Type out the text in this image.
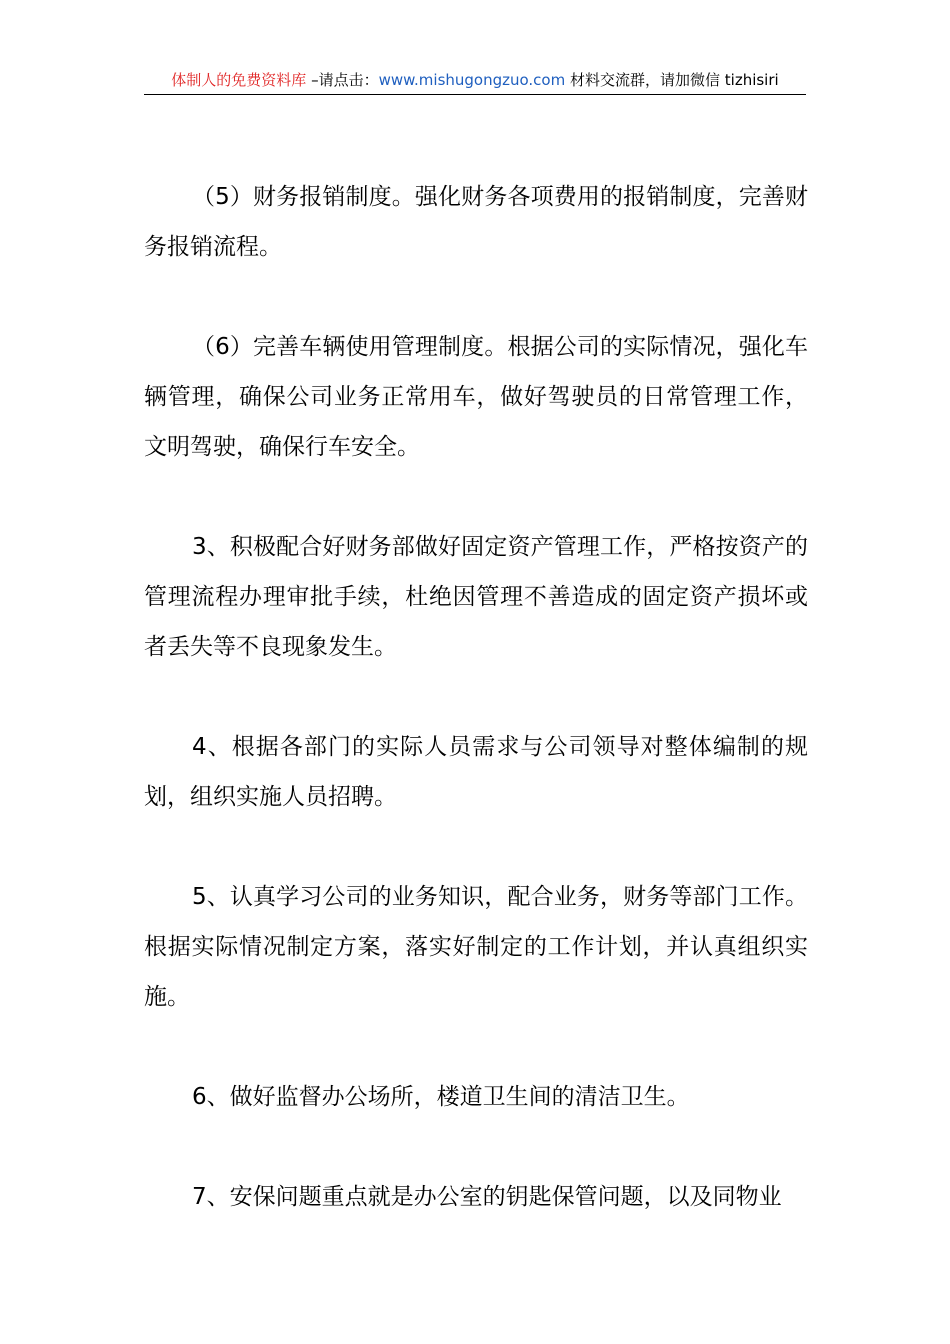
体制人的免费资料库 –请点击：www.mishugongzuo.com 材料交流群，请加微信 tizhisiri

（5）财务报销制度。强化财务各项费用的报销制度，完善财务报销流程。

（6）完善车辆使用管理制度。根据公司的实际情况，强化车辆管理，确保公司业务正常用车，做好驾驶员的日常管理工作，文明驾驶，确保行车安全。

3、积极配合好财务部做好固定资产管理工作，严格按资产的管理流程办理审批手续，杜绝因管理不善造成的固定资产损坏或者丢失等不良现象发生。

4、根据各部门的实际人员需求与公司领导对整体编制的规划，组织实施人员招聘。

5、认真学习公司的业务知识，配合业务，财务等部门工作。根据实际情况制定方案，落实好制定的工作计划，并认真组织实施。

6、做好监督办公场所，楼道卫生间的清洁卫生。

7、安保问题重点就是办公室的钥匙保管问题，以及同物业
